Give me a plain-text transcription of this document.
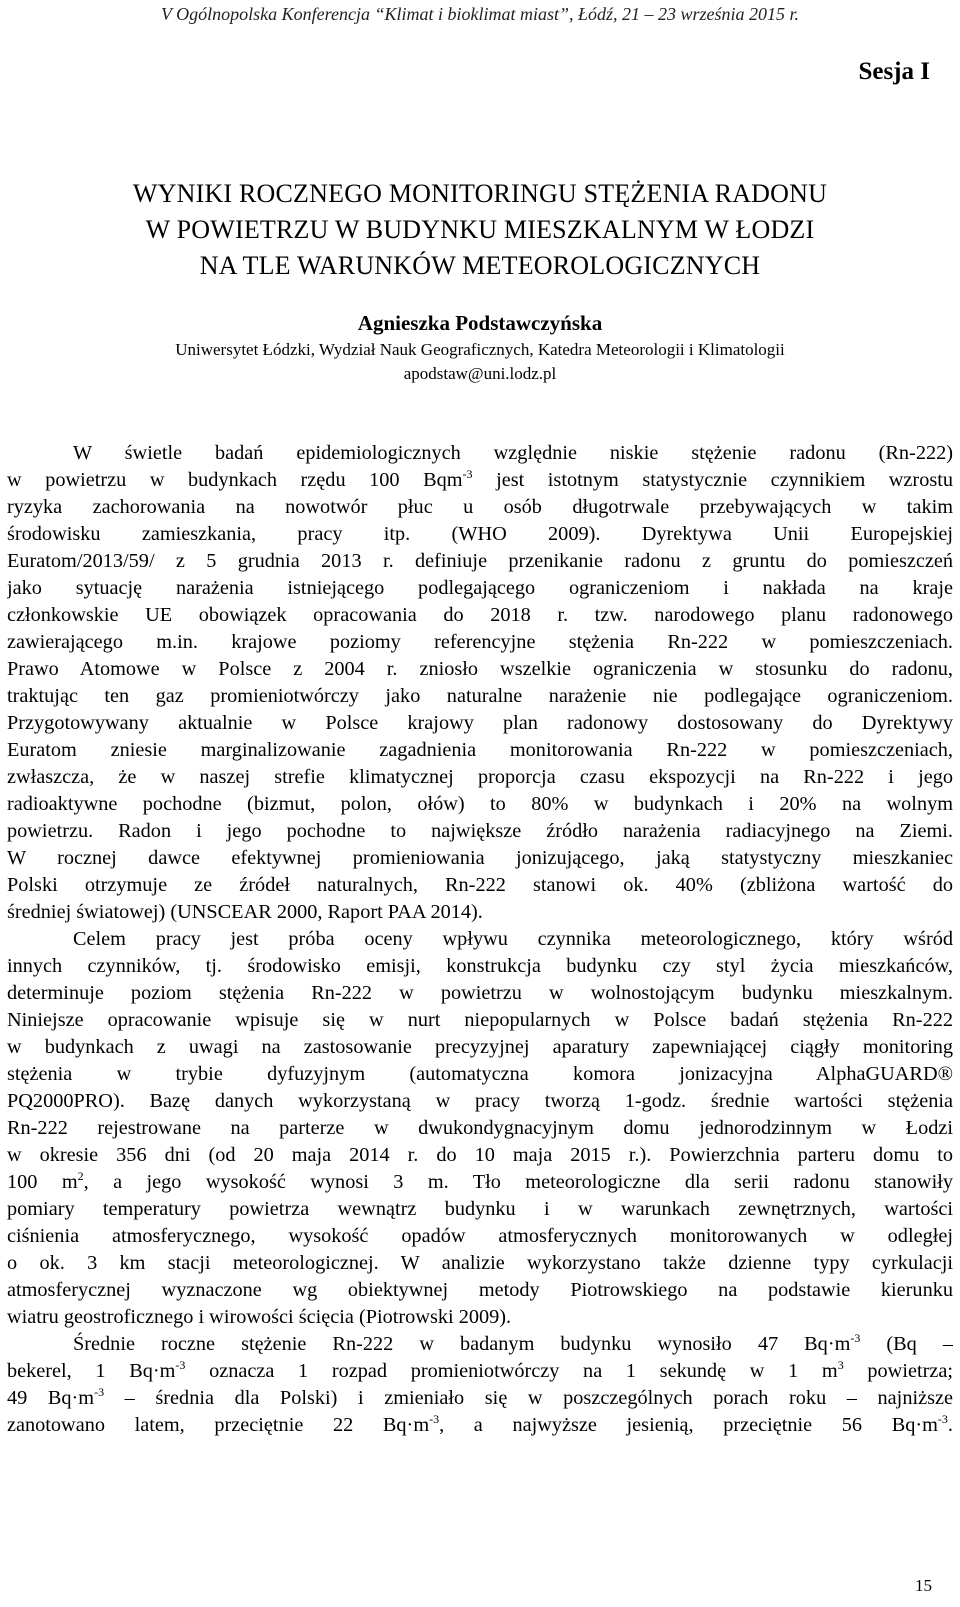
V Ogólnopolska Konferencja “Klimat i bioklimat miast”, Łódź, 21 – 23 września 2015 r.
Sesja I
WYNIKI ROCZNEGO MONITORINGU STĘŻENIA RADONU
W POWIETRZU W BUDYNKU MIESZKALNYM W ŁODZI
NA TLE WARUNKÓW METEOROLOGICZNYCH
Agnieszka Podstawczyńska
Uniwersytet Łódzki, Wydział Nauk Geograficznych, Katedra Meteorologii i Klimatologii
apodstaw@uni.lodz.pl
W świetle badań epidemiologicznych względnie niskie stężenie radonu (Rn-222)
w powietrzu w budynkach rzędu 100 Bqm$^{-3}$ jest istotnym statystycznie czynnikiem wzrostu
ryzyka zachorowania na nowotwór płuc u osób długotrwale przebywających w takim
środowisku zamieszkania, pracy itp. (WHO 2009). Dyrektywa Unii Europejskiej
Euratom/2013/59/ z 5 grudnia 2013 r. definiuje przenikanie radonu z gruntu do pomieszczeń
jako sytuację narażenia istniejącego podlegającego ograniczeniom i nakłada na kraje
członkowskie UE obowiązek opracowania do 2018 r. tzw. narodowego planu radonowego
zawierającego m.in. krajowe poziomy referencyjne stężenia Rn-222 w pomieszczeniach.
Prawo Atomowe w Polsce z 2004 r. zniosło wszelkie ograniczenia w stosunku do radonu,
traktując ten gaz promieniotwórczy jako naturalne narażenie nie podlegające ograniczeniom.
Przygotowywany aktualnie w Polsce krajowy plan radonowy dostosowany do Dyrektywy
Euratom zniesie marginalizowanie zagadnienia monitorowania Rn-222 w pomieszczeniach,
zwłaszcza, że w naszej strefie klimatycznej proporcja czasu ekspozycji na Rn-222 i jego
radioaktywne pochodne (bizmut, polon, ołów) to 80% w budynkach i 20% na wolnym
powietrzu. Radon i jego pochodne to największe źródło narażenia radiacyjnego na Ziemi.
W rocznej dawce efektywnej promieniowania jonizującego, jaką statystyczny mieszkaniec
Polski otrzymuje ze źródeł naturalnych, Rn-222 stanowi ok. 40% (zbliżona wartość do
średniej światowej) (UNSCEAR 2000, Raport PAA 2014).
Celem pracy jest próba oceny wpływu czynnika meteorologicznego, który wśród
innych czynników, tj. środowisko emisji, konstrukcja budynku czy styl życia mieszkańców,
determinuje poziom stężenia Rn-222 w powietrzu w wolnostojącym budynku mieszkalnym.
Niniejsze opracowanie wpisuje się w nurt niepopularnych w Polsce badań stężenia Rn-222
w budynkach z uwagi na zastosowanie precyzyjnej aparatury zapewniającej ciągły monitoring
stężenia w trybie dyfuzyjnym (automatyczna komora jonizacyjna AlphaGUARD®
PQ2000PRO). Bazę danych wykorzystaną w pracy tworzą 1-godz. średnie wartości stężenia
Rn-222 rejestrowane na parterze w dwukondygnacyjnym domu jednorodzinnym w Łodzi
w okresie 356 dni (od 20 maja 2014 r. do 10 maja 2015 r.). Powierzchnia parteru domu to
100 $m^2$, a jego wysokość wynosi 3 m. Tło meteorologiczne dla serii radonu stanowiły
pomiary temperatury powietrza wewnątrz budynku i w warunkach zewnętrznych, wartości
ciśnienia atmosferycznego, wysokość opadów atmosferycznych monitorowanych w odległej
o ok. 3 km stacji meteorologicznej. W analizie wykorzystano także dzienne typy cyrkulacji
atmosferycznej wyznaczone wg obiektywnej metody Piotrowskiego na podstawie kierunku
wiatru geostroficznego i wirowości ścięcia (Piotrowski 2009).
Średnie roczne stężenie Rn-222 w badanym budynku wynosiło 47 $Bq\cdot m^{-3}$ (Bq –
bekerel, 1 $Bq\cdot m^{-3}$ oznacza 1 rozpad promieniotwórczy na 1 sekundę w 1 $m^3$ powietrza;
49 $Bq\cdot m^{-3}$ – średnia dla Polski) i zmieniało się w poszczególnych porach roku – najniższe
zanotowano latem, przeciętnie 22 $Bq\cdot m^{-3}$, a najwyższe jesienią, przeciętnie 56 $Bq\cdot m^{-3}$.
15
